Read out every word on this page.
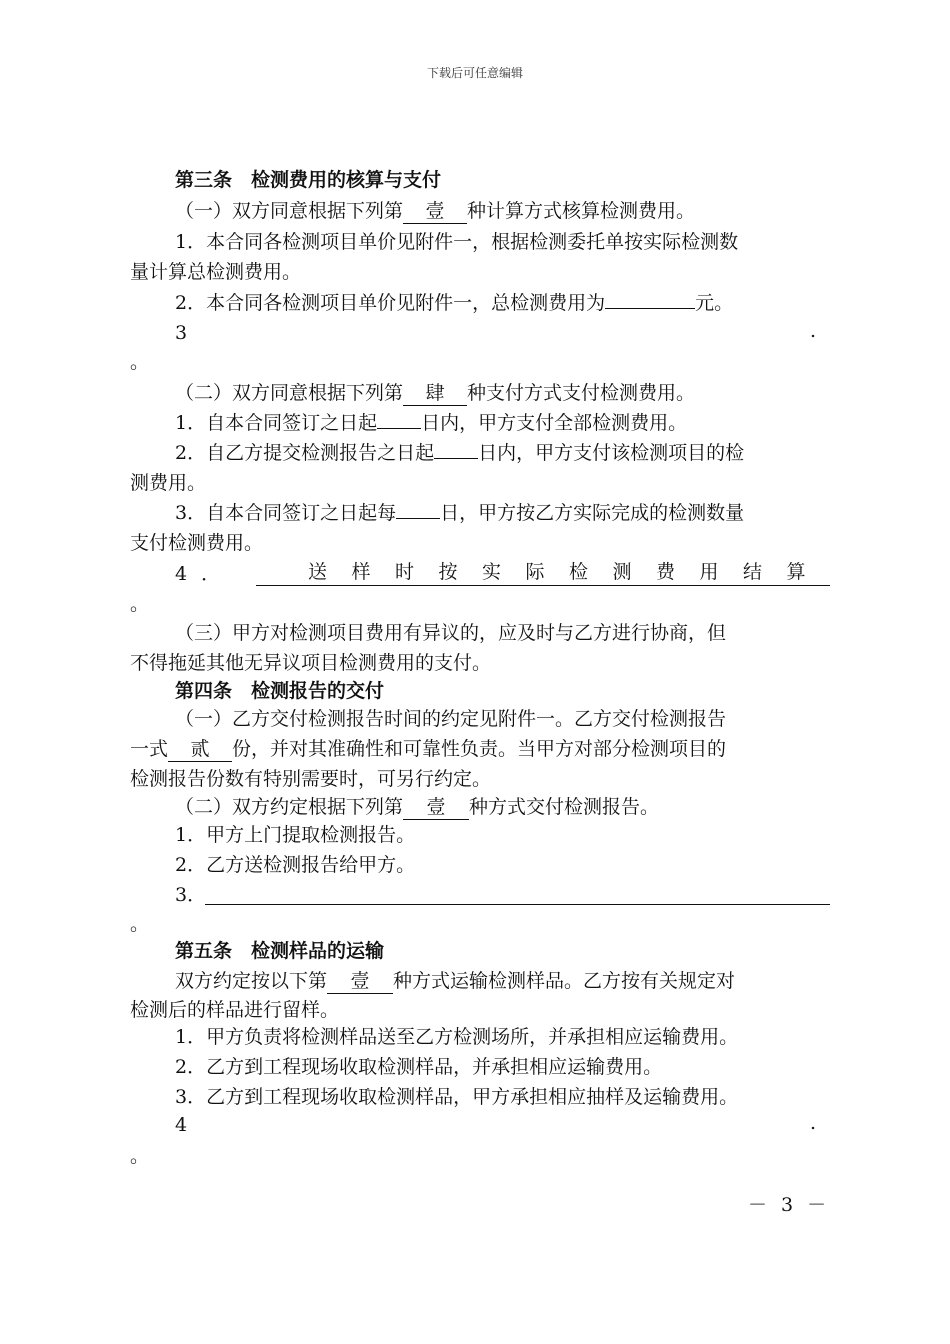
下载后可任意编辑
第三条　检测费用的核算与支付
（一）双方同意根据下列第 壹 种计算方式核算检测费用。
1．本合同各检测项目单价见附件一，根据检测委托单按实际检测数
量计算总检测费用。
2．本合同各检测项目单价见附件一，总检测费用为	元。
3	.
。
（二）双方同意根据下列第 肆 种支付方式支付检测费用。
1．自本合同签订之日起 日内，甲方支付全部检测费用。
2．自乙方提交检测报告之日起 日内，甲方支付该检测项目的检
测费用。
3．自本合同签订之日起每 日，甲方按乙方实际完成的检测数量
支付检测费用。
4 ．	送样时按实际检测费用结算
。
（三）甲方对检测项目费用有异议的，应及时与乙方进行协商，但
不得拖延其他无异议项目检测费用的支付。
第四条　检测报告的交付
（一）乙方交付检测报告时间的约定见附件一。乙方交付检测报告
一式 贰 份，并对其准确性和可靠性负责。当甲方对部分检测项目的
检测报告份数有特别需要时，可另行约定。
（二）双方约定根据下列第 壹 种方式交付检测报告。
1．甲方上门提取检测报告。
2．乙方送检测报告给甲方。
3．
。
第五条　检测样品的运输
双方约定按以下第 壹 种方式运输检测样品。乙方按有关规定对
检测后的样品进行留样。
1．甲方负责将检测样品送至乙方检测场所，并承担相应运输费用。
2．乙方到工程现场收取检测样品，并承担相应运输费用。
3．乙方到工程现场收取检测样品，甲方承担相应抽样及运输费用。
4	.
。
－ 3 －
